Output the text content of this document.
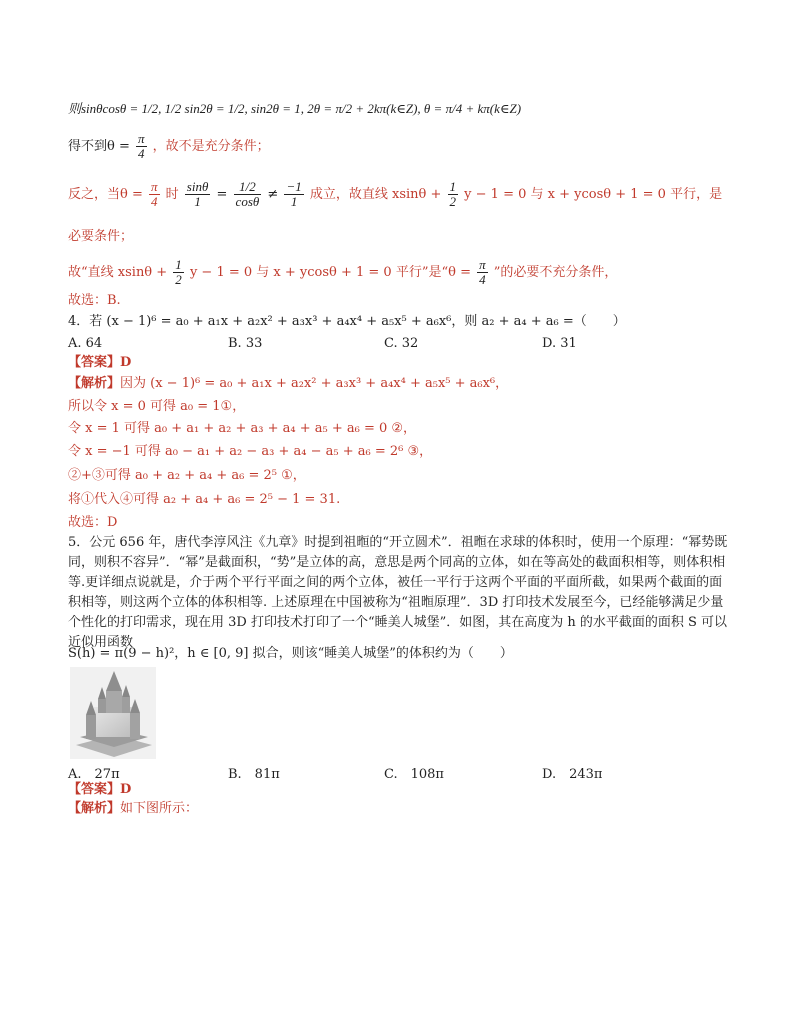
则sinθcosθ = 1/2, 1/2 sin2θ = 1/2, sin2θ = 1, 2θ = π/2 + 2kπ(k∈Z), θ = π/4 + kπ(k∈Z)
得不到$\theta = \frac{\pi}{4}$ ，故不是充分条件；
反之，当$\theta = \frac{\pi}{4}$ 时 $\frac{\sin\theta}{1} = \frac{1/2}{\cos\theta} \ne \frac{-1}{1}$ 成立，故直线 $xsin\theta + \frac{1}{2}$ y − 1 = 0 与 x + ycosθ + 1 = 0 平行，是
必要条件；
故“直线 $xsin\theta + \frac{1}{2}$ y − 1 = 0 与 x + ycosθ + 1 = 0 平行”是“$\theta = \frac{\pi}{4}$ ”的必要不充分条件，
故选：B.
4．若 (x − 1)⁶ = a₀ + a₁x + a₂x² + a₃x³ + a₄x⁴ + a₅x⁵ + a₆x⁶，则 a₂ + a₄ + a₆ =（　　）
A. 64	B. 33	C. 32	D. 31
【答案】D
【解析】因为 (x − 1)⁶ = a₀ + a₁x + a₂x² + a₃x³ + a₄x⁴ + a₅x⁵ + a₆x⁶，
所以令 x = 0 可得 a₀ = 1①，
令 x = 1 可得 a₀ + a₁ + a₂ + a₃ + a₄ + a₅ + a₆ = 0 ②，
令 x = −1 可得 a₀ − a₁ + a₂ − a₃ + a₄ − a₅ + a₆ = 2⁶ ③，
②+③可得 a₀ + a₂ + a₄ + a₆ = 2⁵ ①，
将①代入④可得 a₂ + a₄ + a₆ = 2⁵ − 1 = 31.
故选：D
5．公元 656 年，唐代李淳风注《九章》时提到祖暅的“开立圆术”．祖暅在求球的体积时，使用一个原理：“幂势既同，则积不容异”．“幂”是截面积，“势”是立体的高，意思是两个同高的立体，如在等高处的截面积相等，则体积相等.更详细点说就是，介于两个平行平面之间的两个立体，被任一平行于这两个平面的平面所截，如果两个截面的面积相等，则这两个立体的体积相等. 上述原理在中国被称为“祖暅原理”．3D 打印技术发展至今，已经能够满足少量个性化的打印需求，现在用 3D 打印技术打印了一个“睡美人城堡”．如图，其在高度为 h 的水平截面的面积 S 可以近似用函数
S(h) = π(9 − h)²，h ∈ [0, 9] 拟合，则该“睡美人城堡”的体积约为（　　）
A.　27π	B.　81π	C.　108π	D.　243π
【答案】D
【解析】如下图所示：
